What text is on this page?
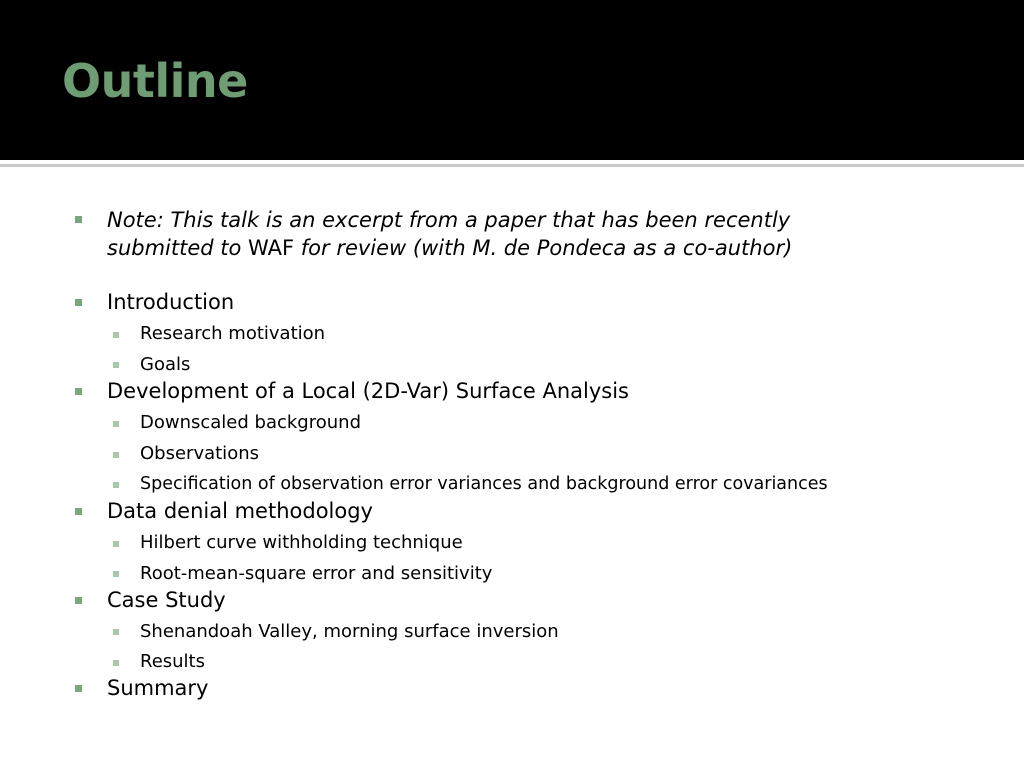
Outline
Note: This talk is an excerpt from a paper that has been recently
submitted to WAF for review (with M. de Pondeca as a co-author)
Introduction
Research motivation
Goals
Development of a Local (2D-Var) Surface Analysis
Downscaled background
Observations
Specification of observation error variances and background error covariances
Data denial methodology
Hilbert curve withholding technique
Root-mean-square error and sensitivity
Case Study
Shenandoah Valley, morning surface inversion
Results
Summary
